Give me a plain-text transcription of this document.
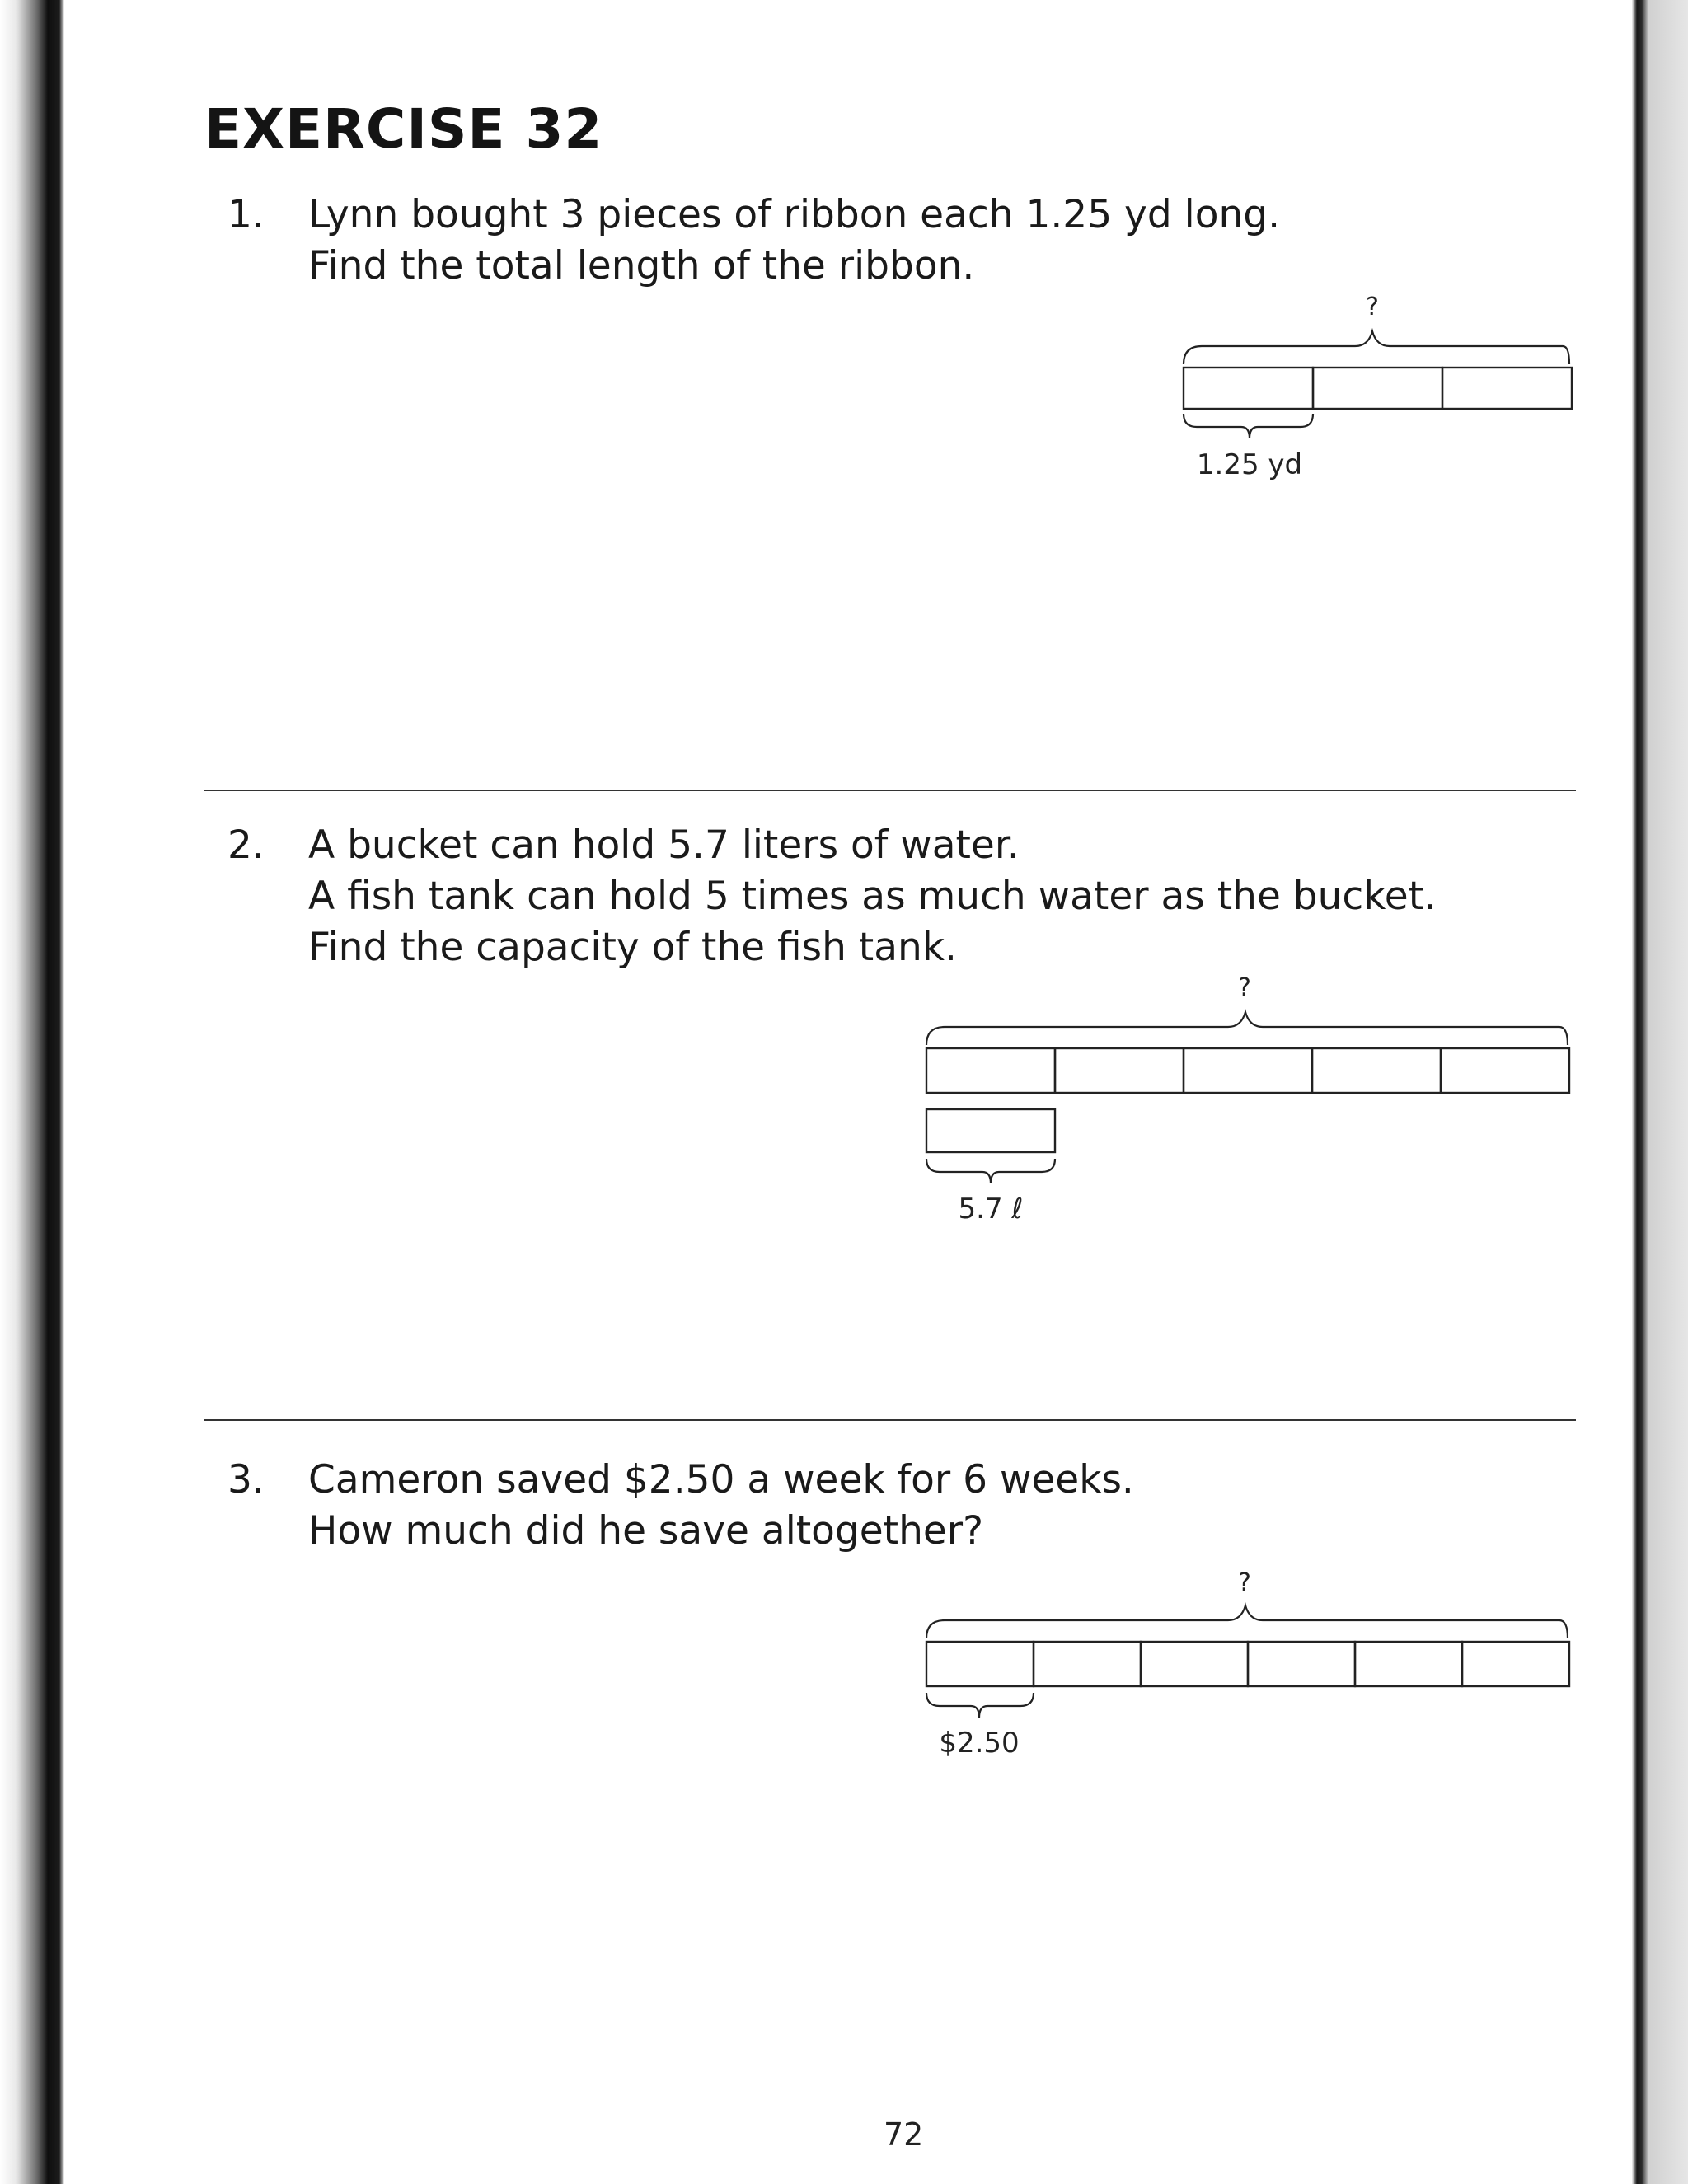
EXERCISE 32
1. Lynn bought 3 pieces of ribbon each 1.25 yd long.
Find the total length of the ribbon.
?
1.25 yd
2. A bucket can hold 5.7 liters of water.
A fish tank can hold 5 times as much water as the bucket.
Find the capacity of the fish tank.
?
5.7 ℓ
3. Cameron saved $2.50 a week for 6 weeks.
How much did he save altogether?
?
$2.50
72
